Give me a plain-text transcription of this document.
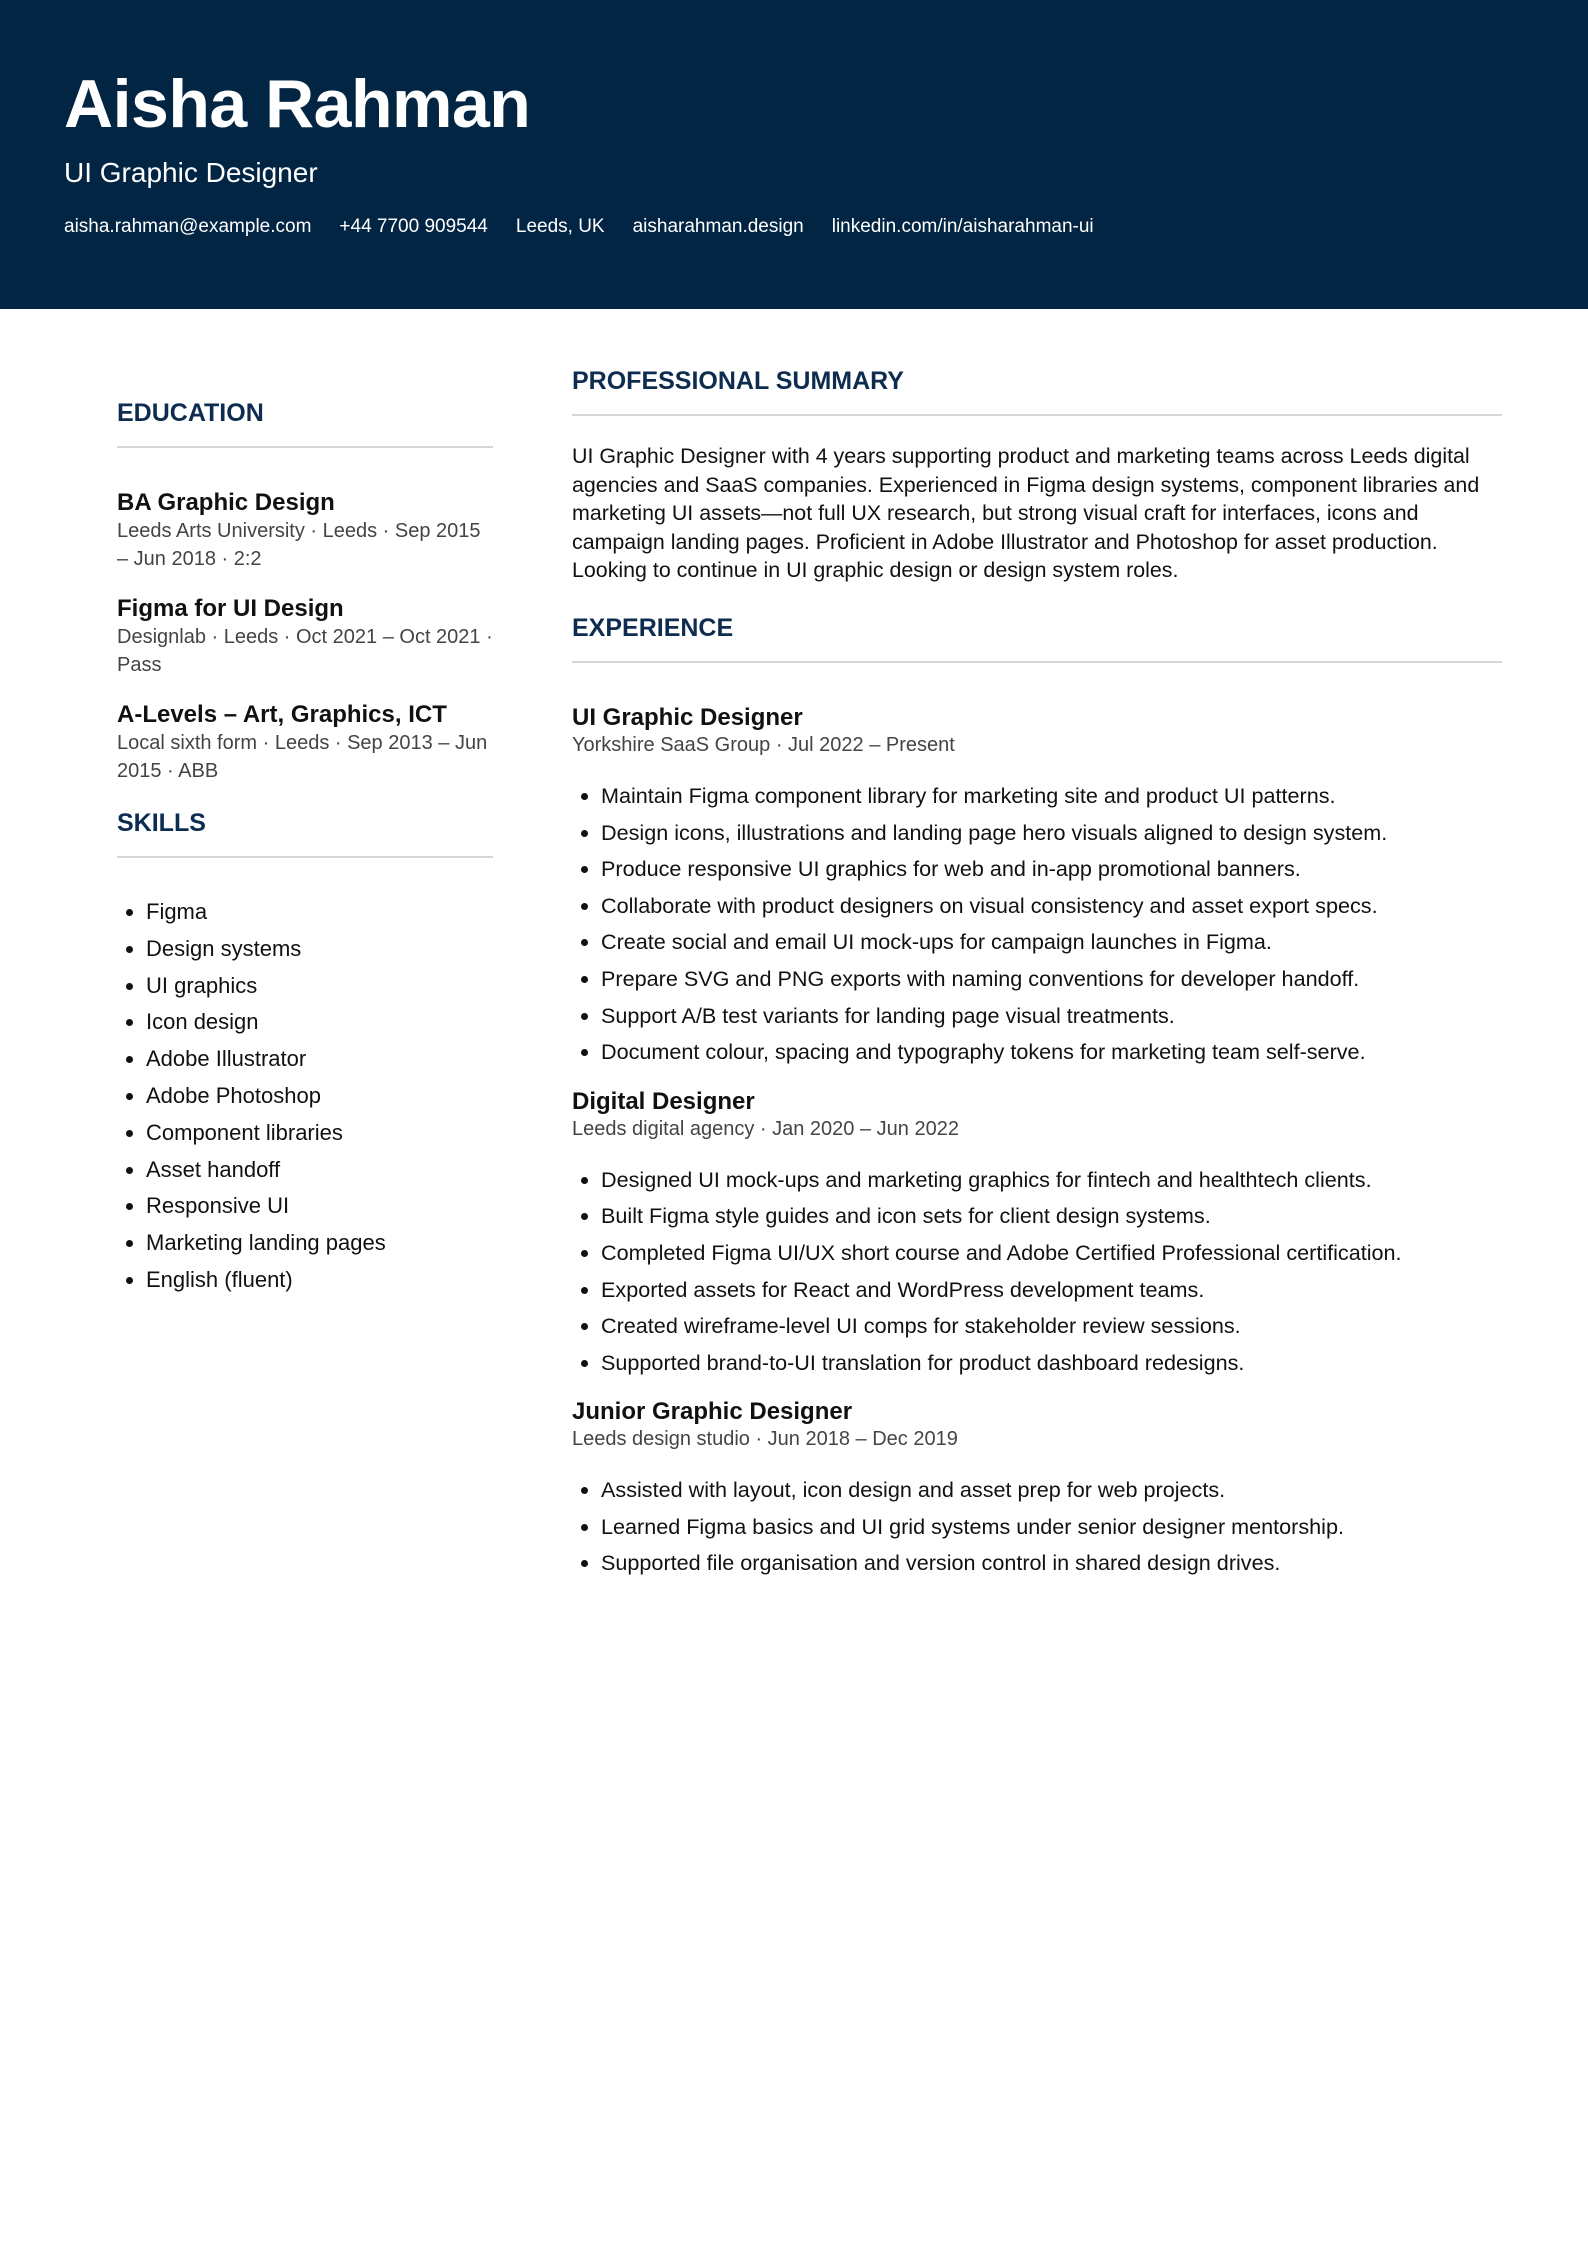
Aisha Rahman
UI Graphic Designer
aisha.rahman@example.com +44 7700 909544 Leeds, UK aisharahman.design linkedin.com/in/aisharahman-ui
EDUCATION
BA Graphic Design
Leeds Arts University · Leeds · Sep 2015 – Jun 2018 · 2:2
Figma for UI Design
Designlab · Leeds · Oct 2021 – Oct 2021 · Pass
A-Levels – Art, Graphics, ICT
Local sixth form · Leeds · Sep 2013 – Jun 2015 · ABB
SKILLS
• Figma
• Design systems
• UI graphics
• Icon design
• Adobe Illustrator
• Adobe Photoshop
• Component libraries
• Asset handoff
• Responsive UI
• Marketing landing pages
• English (fluent)
PROFESSIONAL SUMMARY

UI Graphic Designer with 4 years supporting product and marketing teams across Leeds digital agencies and SaaS companies. Experienced in Figma design systems, component libraries and marketing UI assets—not full UX research, but strong visual craft for interfaces, icons and campaign landing pages. Proficient in Adobe Illustrator and Photoshop for asset production. Looking to continue in UI graphic design or design system roles.

EXPERIENCE
UI Graphic Designer
Yorkshire SaaS Group · Jul 2022 – Present
• Maintain Figma component library for marketing site and product UI patterns.
• Design icons, illustrations and landing page hero visuals aligned to design system.
• Produce responsive UI graphics for web and in-app promotional banners.
• Collaborate with product designers on visual consistency and asset export specs.
• Create social and email UI mock-ups for campaign launches in Figma.
• Prepare SVG and PNG exports with naming conventions for developer handoff.
• Support A/B test variants for landing page visual treatments.
• Document colour, spacing and typography tokens for marketing team self-serve.
Digital Designer
Leeds digital agency · Jan 2020 – Jun 2022
• Designed UI mock-ups and marketing graphics for fintech and healthtech clients.
• Built Figma style guides and icon sets for client design systems.
• Completed Figma UI/UX short course and Adobe Certified Professional certification.
• Exported assets for React and WordPress development teams.
• Created wireframe-level UI comps for stakeholder review sessions.
• Supported brand-to-UI translation for product dashboard redesigns.
Junior Graphic Designer
Leeds design studio · Jun 2018 – Dec 2019
• Assisted with layout, icon design and asset prep for web projects.
• Learned Figma basics and UI grid systems under senior designer mentorship.
• Supported file organisation and version control in shared design drives.
